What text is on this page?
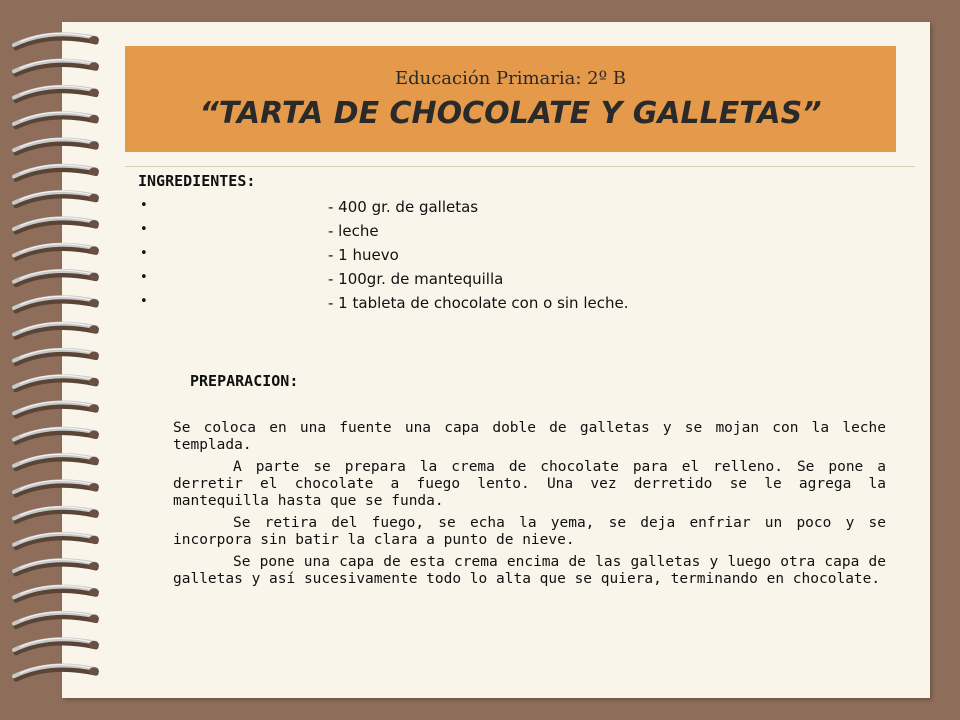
Educación Primaria: 2º B
“TARTA DE CHOCOLATE Y GALLETAS”
INGREDIENTES:
•	- 400 gr. de galletas
•	- leche
•	- 1 huevo
•	- 100gr. de mantequilla
•	- 1 tableta de chocolate con o sin leche.
PREPARACION:

Se coloca en una fuente una capa doble de galletas y se mojan con la leche templada.

A parte se prepara la crema de chocolate para el relleno. Se pone a derretir el chocolate a fuego lento. Una vez derretido se le agrega la mantequilla hasta que se funda.

Se retira del fuego, se echa la yema, se deja enfriar un poco y se incorpora sin batir la clara a punto de nieve.

Se pone una capa de esta crema encima de las galletas y luego otra capa de galletas y así sucesivamente todo lo alta que se quiera, terminando en chocolate.
